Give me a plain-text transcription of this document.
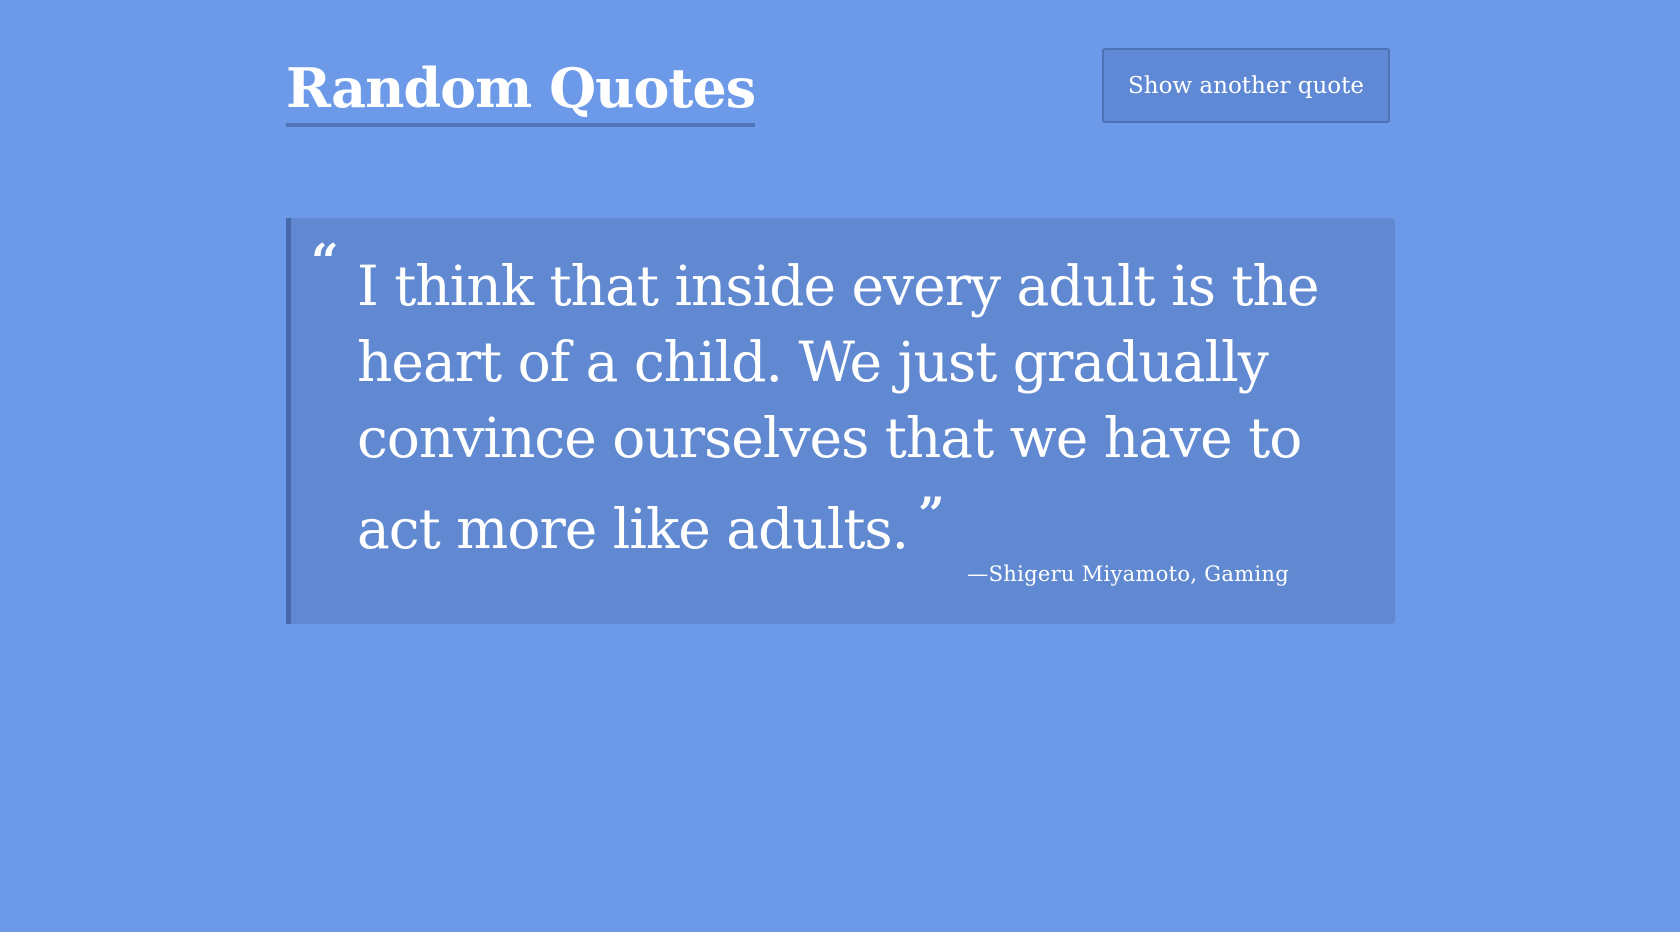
Random Quotes	Show another quote
“ I think that inside every adult is the heart of a child. We just gradually convince ourselves that we have to act more like adults. ”

—Shigeru Miyamoto, Gaming
